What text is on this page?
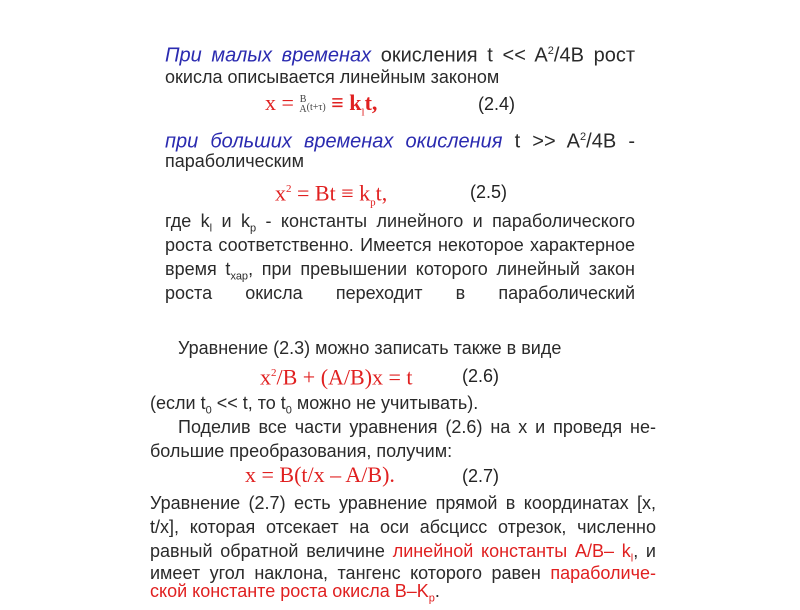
При малых временах окисления $t << A^2/4B$ рост
окисла описывается линейным законом
x = B
$A(t+\tau) \equiv k_lt$,	(2.4)
при больших временах окисления $t >> A^2/4B$ -
параболическим
$x^2 = Bt \equiv k_pt$,	(2.5)
где $k_l$ и $k_p$ - константы линейного и параболического
роста соответственно. Имеется некоторое характерное
время $t_{хар}$, при превышении которого линейный закон
роста окисла переходит в параболический
Уравнение (2.3) можно записать также в виде
$x^2/B + (A/B)x = t$	(2.6)
(если $t_0 << t$, то $t_0$ можно не учитывать).
Поделив все части уравнения (2.6) на x и проведя не-
большие преобразования, получим:
x = B(t/x – A/B).	(2.7)
Уравнение (2.7) есть уравнение прямой в координатах [x,
t/x], которая отсекает на оси абсцисс отрезок, численно
равный обратной величине линейной константы A/B– $k_l$, и
имеет угол наклона, тангенс которого равен параболиче-
ской константе роста окисла $B-K_p$.
